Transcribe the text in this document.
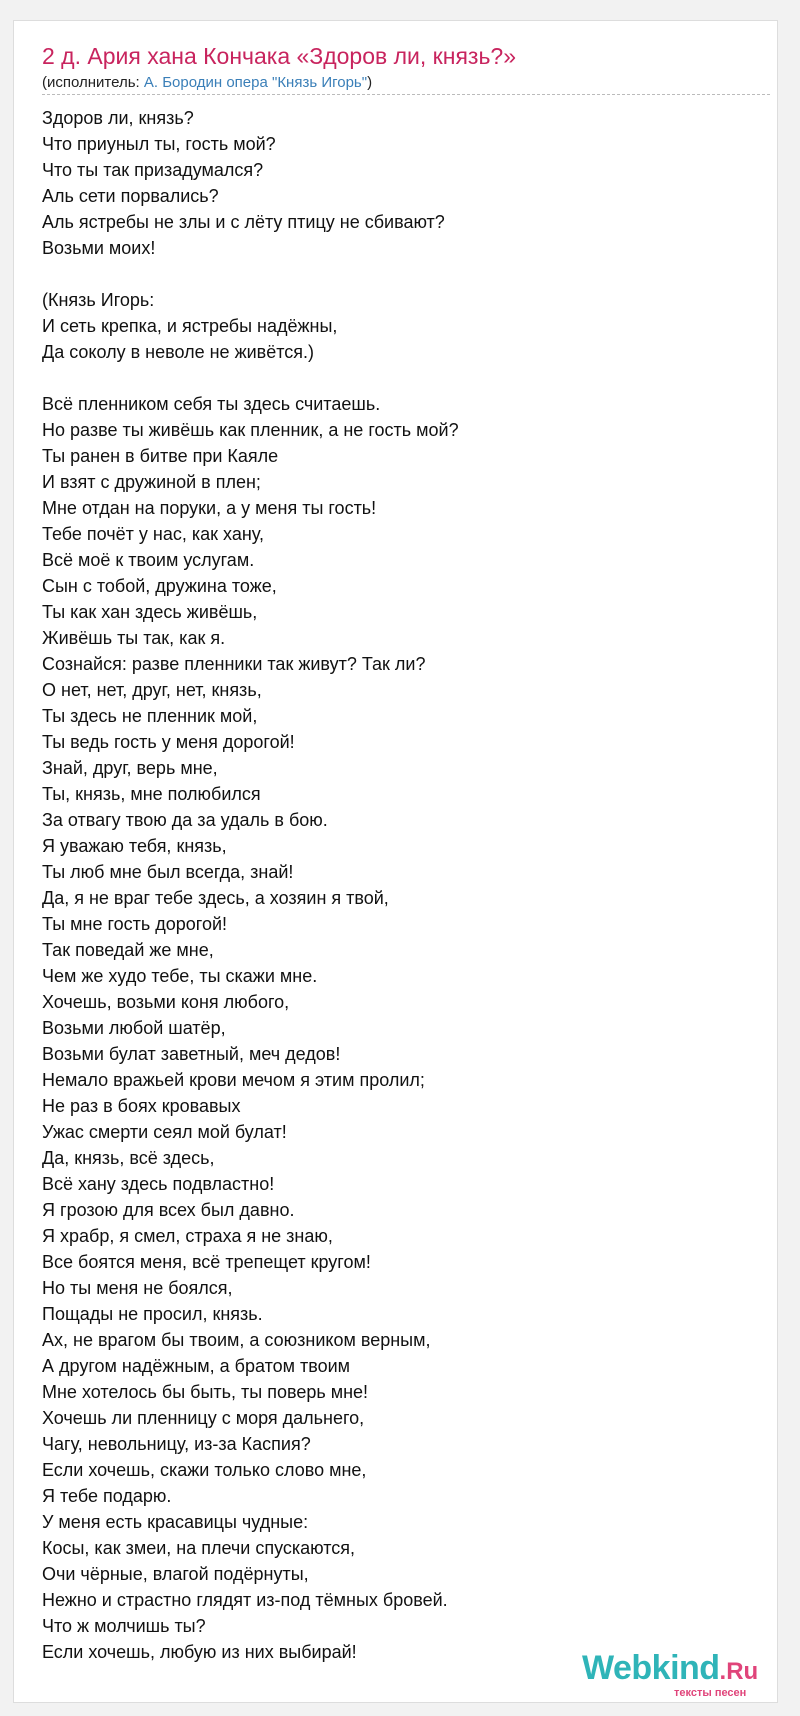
2 д. Ария хана Кончака «Здоров ли, князь?»
(исполнитель: А. Бородин опера "Князь Игорь")
Здоров ли, князь?
Что приуныл ты, гость мой?
Что ты так призадумался?
Аль сети порвались?
Аль ястребы не злы и с лёту птицу не сбивают?
Возьми моих!

(Князь Игорь:
И сеть крепка, и ястребы надёжны,
Да соколу в неволе не живётся.)

Всё пленником себя ты здесь считаешь.
Но разве ты живёшь как пленник, а не гость мой?
Ты ранен в битве при Каяле
И взят с дружиной в плен;
Мне отдан на поруки, а у меня ты гость!
Тебе почёт у нас, как хану,
Всё моё к твоим услугам.
Сын с тобой, дружина тоже,
Ты как хан здесь живёшь,
Живёшь ты так, как я.
Сознайся: разве пленники так живут? Так ли?
О нет, нет, друг, нет, князь,
Ты здесь не пленник мой,
Ты ведь гость у меня дорогой!
Знай, друг, верь мне,
Ты, князь, мне полюбился
За отвагу твою да за удаль в бою.
Я уважаю тебя, князь,
Ты люб мне был всегда, знай!
Да, я не враг тебе здесь, а хозяин я твой,
Ты мне гость дорогой!
Так поведай же мне,
Чем же худо тебе, ты скажи мне.
Хочешь, возьми коня любого,
Возьми любой шатёр,
Возьми булат заветный, меч дедов!
Немало вражьей крови мечом я этим пролил;
Не раз в боях кровавых
Ужас смерти сеял мой булат!
Да, князь, всё здесь,
Всё хану здесь подвластно!
Я грозою для всех был давно.
Я храбр, я смел, страха я не знаю,
Все боятся меня, всё трепещет кругом!
Но ты меня не боялся,
Пощады не просил, князь.
Ах, не врагом бы твоим, а союзником верным,
А другом надёжным, а братом твоим
Мне хотелось бы быть, ты поверь мне!
Хочешь ли пленницу с моря дальнего,
Чагу, невольницу, из-за Каспия?
Если хочешь, скажи только слово мне,
Я тебе подарю.
У меня есть красавицы чудные:
Косы, как змеи, на плечи спускаются,
Очи чёрные, влагой подёрнуты,
Нежно и страстно глядят из-под тёмных бровей.
Что ж молчишь ты?
Если хочешь, любую из них выбирай!	Webkind.Ru
тексты песен
